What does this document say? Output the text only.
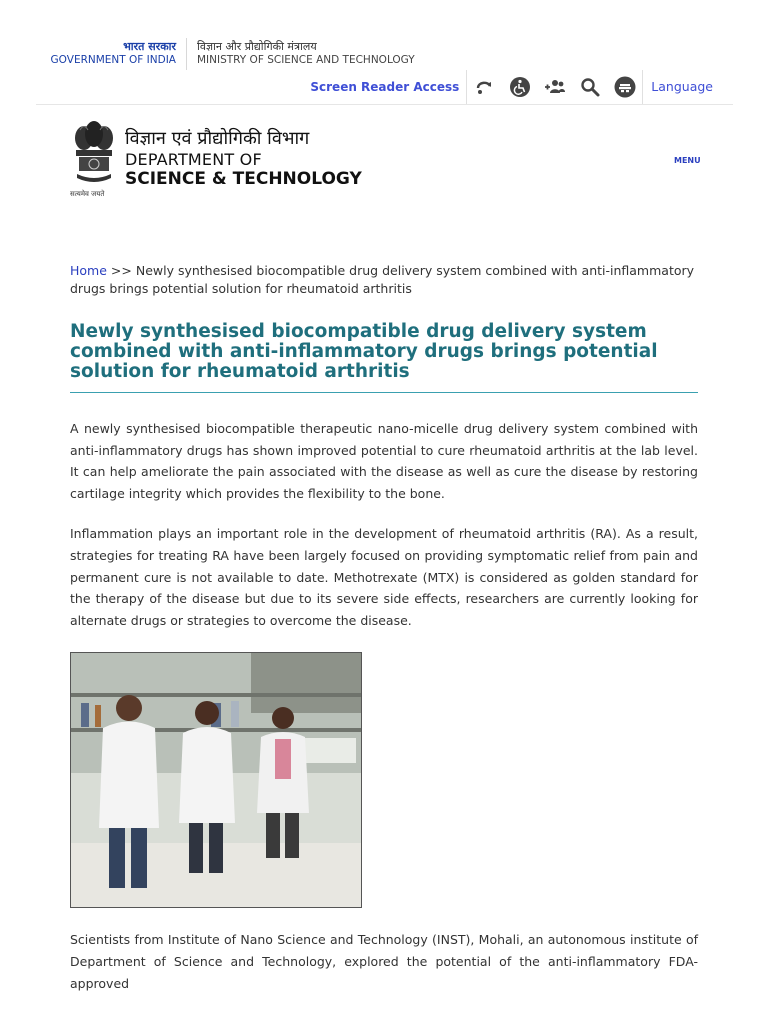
भारत सरकार
GOVERNMENT OF INDIA
विज्ञान और प्रौद्योगिकी मंत्रालय
MINISTRY OF SCIENCE AND TECHNOLOGY
Screen Reader Access	Language
सत्यमेव जयते
विज्ञान एवं प्रौद्योगिकी विभाग
DEPARTMENT OF
SCIENCE & TECHNOLOGY
MENU
Home >> Newly synthesised biocompatible drug delivery system combined with anti-inflammatory drugs brings potential solution for rheumatoid arthritis
Newly synthesised biocompatible drug delivery system combined with anti-inflammatory drugs brings potential solution for rheumatoid arthritis

A newly synthesised biocompatible therapeutic nano-micelle drug delivery system combined with anti-inflammatory drugs has shown improved potential to cure rheumatoid arthritis at the lab level. It can help ameliorate the pain associated with the disease as well as cure the disease by restoring cartilage integrity which provides the flexibility to the bone.

Inflammation plays an important role in the development of rheumatoid arthritis (RA). As a result, strategies for treating RA have been largely focused on providing symptomatic relief from pain and permanent cure is not available to date. Methotrexate (MTX) is considered as golden standard for the therapy of the disease but due to its severe side effects, researchers are currently looking for alternate drugs or strategies to overcome the disease.

Scientists from Institute of Nano Science and Technology (INST), Mohali, an autonomous institute of Department of Science and Technology, explored the potential of the anti-inflammatory FDA-approved
